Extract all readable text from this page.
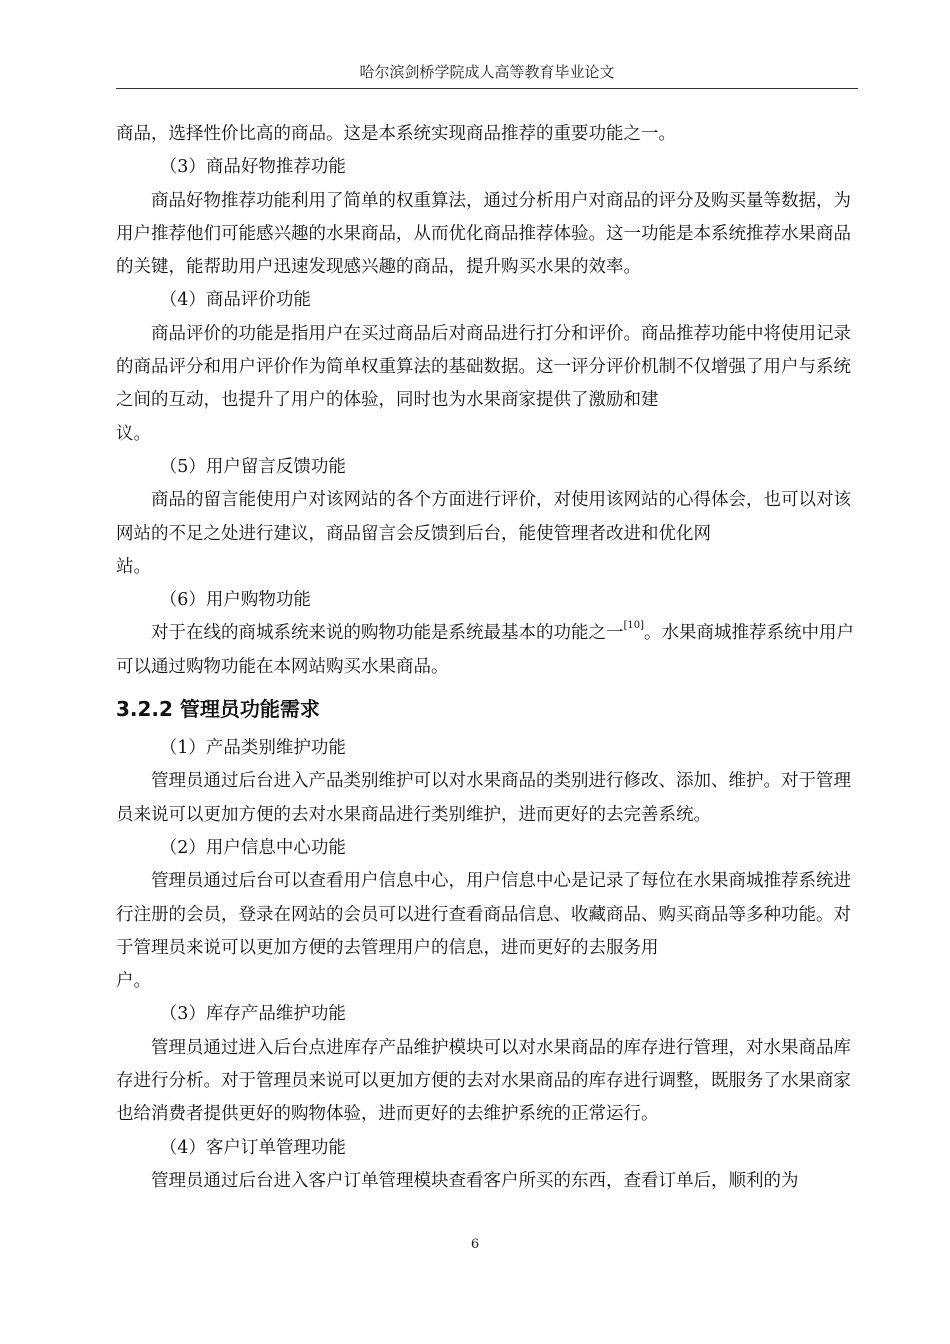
哈尔滨剑桥学院成人高等教育毕业论文

商品，选择性价比高的商品。这是本系统实现商品推荐的重要功能之一。

（3）商品好物推荐功能

商品好物推荐功能利用了简单的权重算法，通过分析用户对商品的评分及购买量等数据，为用户推荐他们可能感兴趣的水果商品，从而优化商品推荐体验。这一功能是本系统推荐水果商品的关键，能帮助用户迅速发现感兴趣的商品，提升购买水果的效率。

（4）商品评价功能

商品评价的功能是指用户在买过商品后对商品进行打分和评价。商品推荐功能中将使用记录的商品评分和用户评价作为简单权重算法的基础数据。这一评分评价机制不仅增强了用户与系统之间的互动，也提升了用户的体验，同时也为水果商家提供了激励和建

议。

（5）用户留言反馈功能

商品的留言能使用户对该网站的各个方面进行评价，对使用该网站的心得体会，也可以对该网站的不足之处进行建议，商品留言会反馈到后台，能使管理者改进和优化网

站。

（6）用户购物功能

对于在线的商城系统来说的购物功能是系统最基本的功能之一[10]。水果商城推荐系统中用户可以通过购物功能在本网站购买水果商品。

3.2.2 管理员功能需求

（1）产品类别维护功能

管理员通过后台进入产品类别维护可以对水果商品的类别进行修改、添加、维护。对于管理员来说可以更加方便的去对水果商品进行类别维护，进而更好的去完善系统。

（2）用户信息中心功能

管理员通过后台可以查看用户信息中心，用户信息中心是记录了每位在水果商城推荐系统进行注册的会员，登录在网站的会员可以进行查看商品信息、收藏商品、购买商品等多种功能。对于管理员来说可以更加方便的去管理用户的信息，进而更好的去服务用

户。

（3）库存产品维护功能

管理员通过进入后台点进库存产品维护模块可以对水果商品的库存进行管理，对水果商品库存进行分析。对于管理员来说可以更加方便的去对水果商品的库存进行调整，既服务了水果商家也给消费者提供更好的购物体验，进而更好的去维护系统的正常运行。

（4）客户订单管理功能

管理员通过后台进入客户订单管理模块查看客户所买的东西，查看订单后，顺利的为

6
